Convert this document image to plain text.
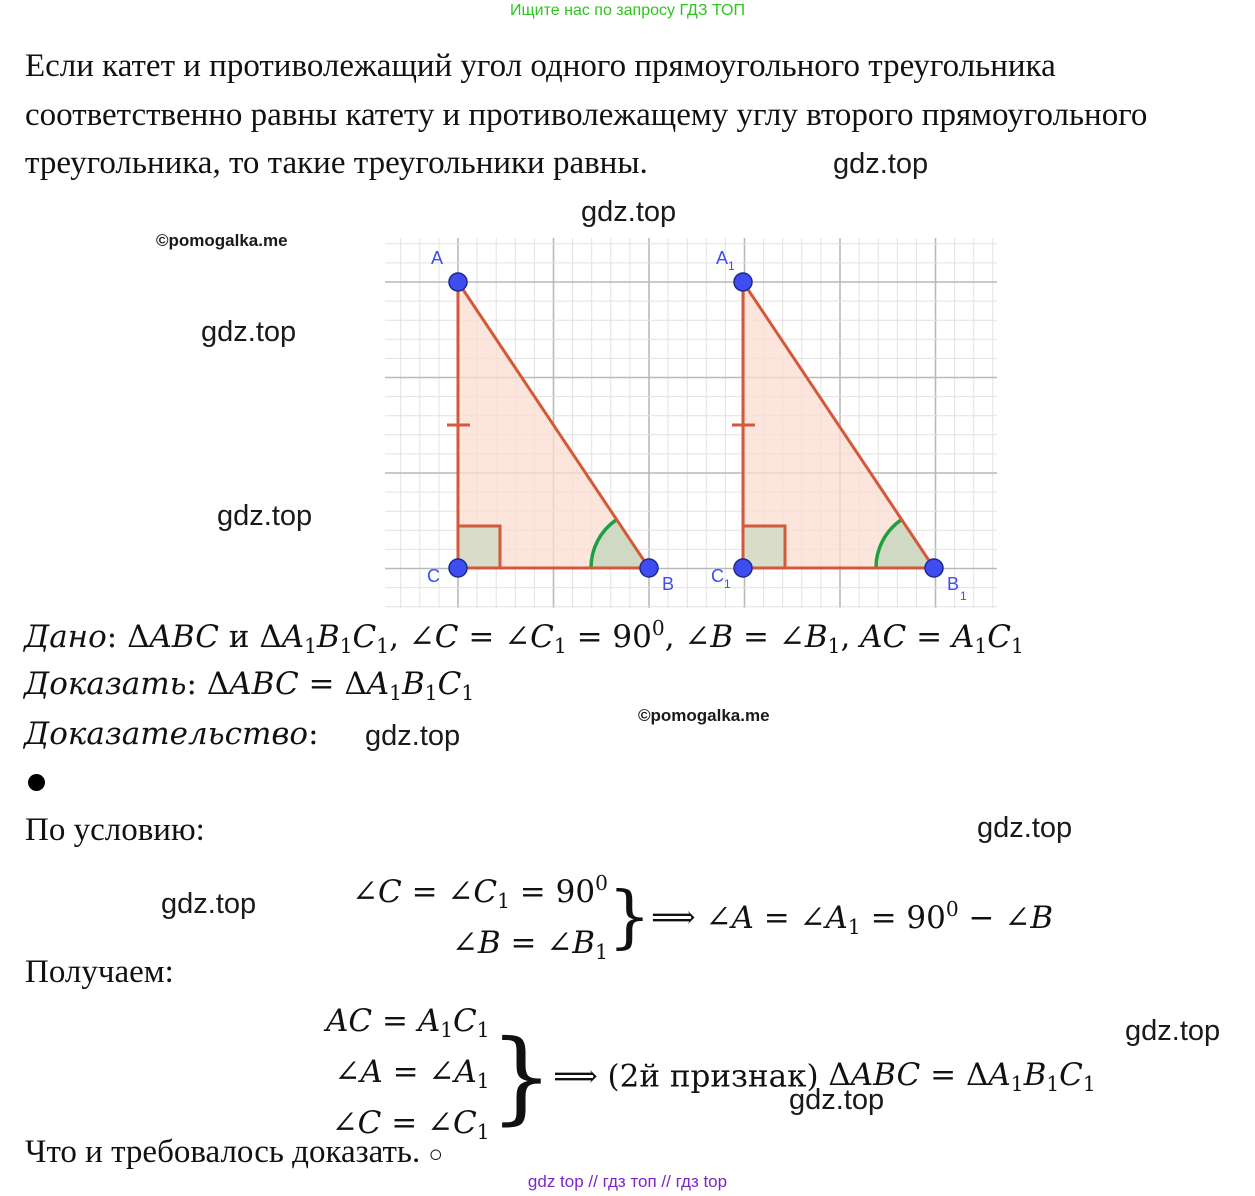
Ищите нас по запросу ГДЗ ТОП
Если катет и противолежащий угол одного прямоугольного треугольника соответственно равны катету и противолежащему углу второго прямоугольного треугольника, то такие треугольники равны.	gdz.top
gdz.top
gdz.top
gdz.top
gdz.top
gdz.top
gdz.top
gdz.top
gdz.top
©pomogalka.me
©pomogalka.me
A
C	B
A 1
C 1	B
1
Дано: ΔABC и $\Delta A_1B_1C_1$, ∠C = $\angle C_1 = 90^0$, ∠B = $\angle B_1$, AC = $A_1C_1$
Доказать: $\Delta ABC = \Delta A_1B_1C_1$
Доказательство:
По условию:
∠C = $\angle C_1 = 90^0$
∠B = $\angle B_1\}⟹$ ∠A = $\angle A_1 = 90^0$ − ∠B
Получаем:
AC = $A_1C_1$
∠A = $\angle A_1$
∠C = $\angle C_1\}⟹$ (2й признак) $\Delta ABC = \Delta A_1B_1C_1$
Что и требовалось доказать. ○
gdz top // гдз топ // гдз top
